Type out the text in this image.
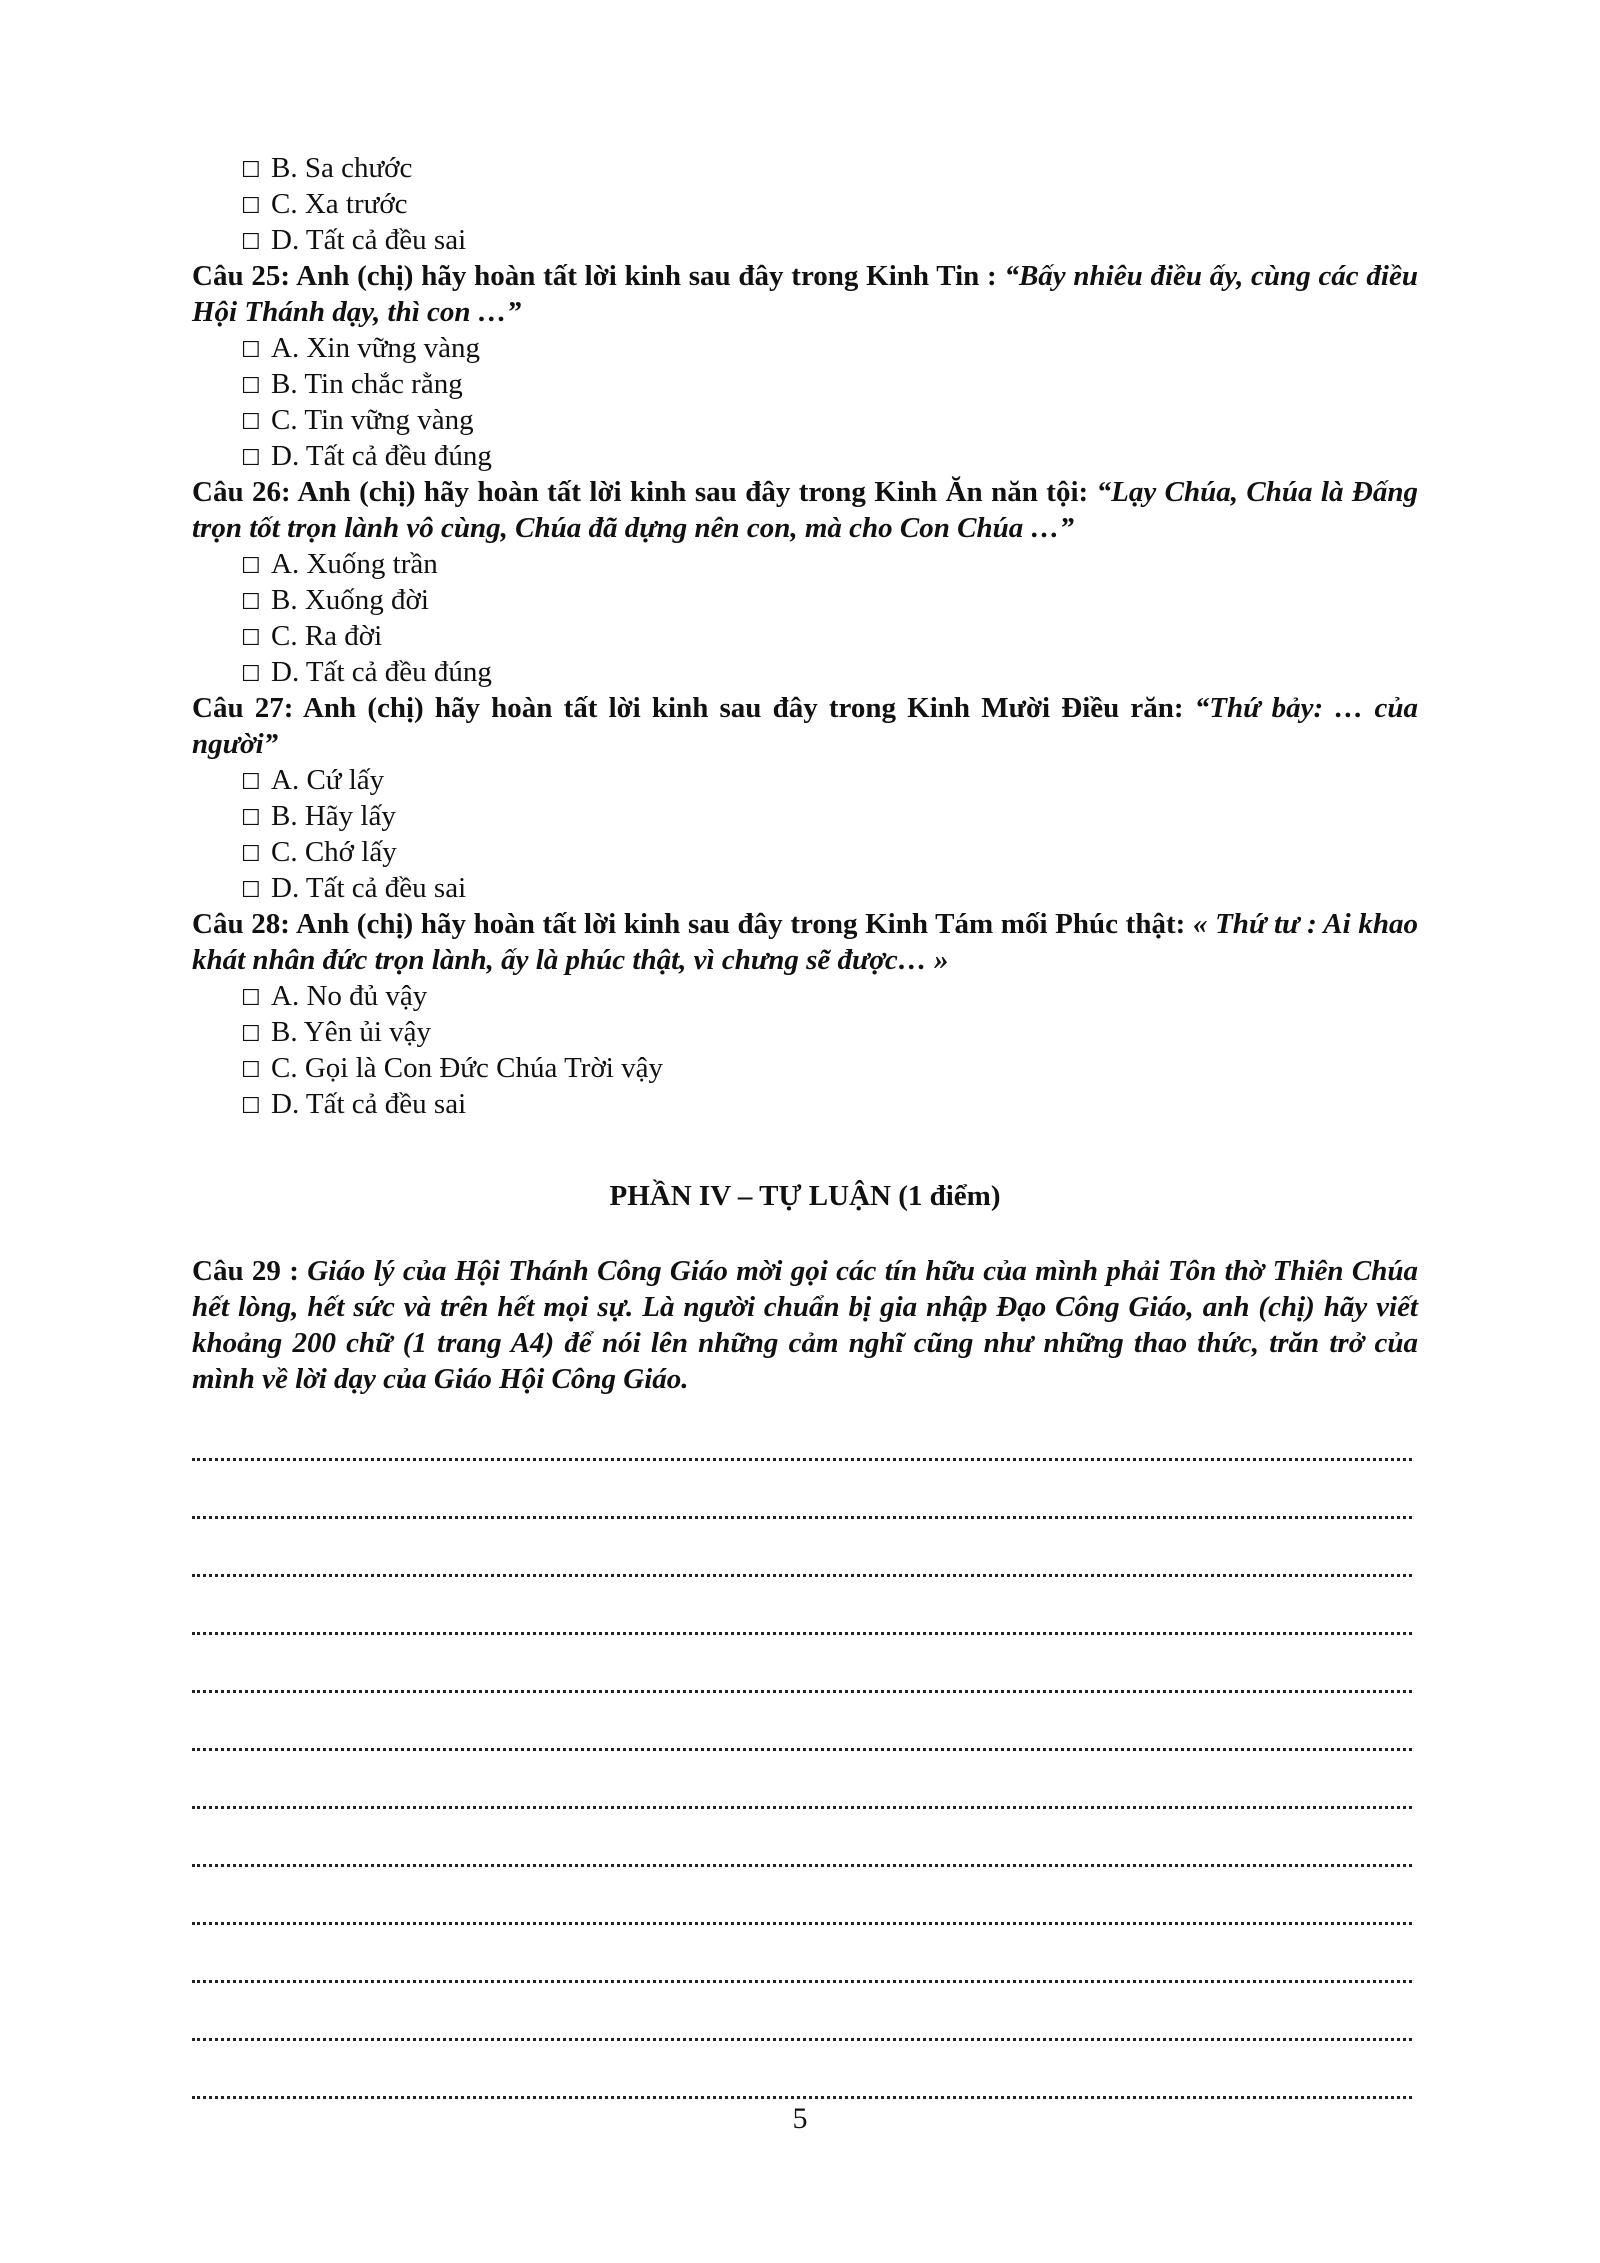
☐ B. Sa chước
☐ C. Xa trước
☐ D. Tất cả đều sai
Câu 25: Anh (chị) hãy hoàn tất lời kinh sau đây trong Kinh Tin : “Bấy nhiêu điều ấy, cùng các điều Hội Thánh dạy, thì con …”
☐ A. Xin vững vàng
☐ B. Tin chắc rằng
☐ C. Tin vững vàng
☐ D. Tất cả đều đúng
Câu 26: Anh (chị) hãy hoàn tất lời kinh sau đây trong Kinh Ăn năn tội: “Lạy Chúa, Chúa là Đấng trọn tốt trọn lành vô cùng, Chúa đã dựng nên con, mà cho Con Chúa …”
☐ A. Xuống trần
☐ B. Xuống đời
☐ C. Ra đời
☐ D. Tất cả đều đúng
Câu 27: Anh (chị) hãy hoàn tất lời kinh sau đây trong Kinh Mười Điều răn: “Thứ bảy: … của người”
☐ A. Cứ lấy
☐ B. Hãy lấy
☐ C. Chớ lấy
☐ D. Tất cả đều sai
Câu 28: Anh (chị) hãy hoàn tất lời kinh sau đây trong Kinh Tám mối Phúc thật: « Thứ tư : Ai khao khát nhân đức trọn lành, ấy là phúc thật, vì chưng sẽ được… »
☐ A. No đủ vậy
☐ B. Yên ủi vậy
☐ C. Gọi là Con Đức Chúa Trời vậy
☐ D. Tất cả đều sai
PHẦN IV – TỰ LUẬN (1 điểm)
Câu 29 : Giáo lý của Hội Thánh Công Giáo mời gọi các tín hữu của mình phải Tôn thờ Thiên Chúa hết lòng, hết sức và trên hết mọi sự. Là người chuẩn bị gia nhập Đạo Công Giáo, anh (chị) hãy viết khoảng 200 chữ (1 trang A4) để nói lên những cảm nghĩ cũng như những thao thức, trăn trở của mình về lời dạy của Giáo Hội Công Giáo.
5
